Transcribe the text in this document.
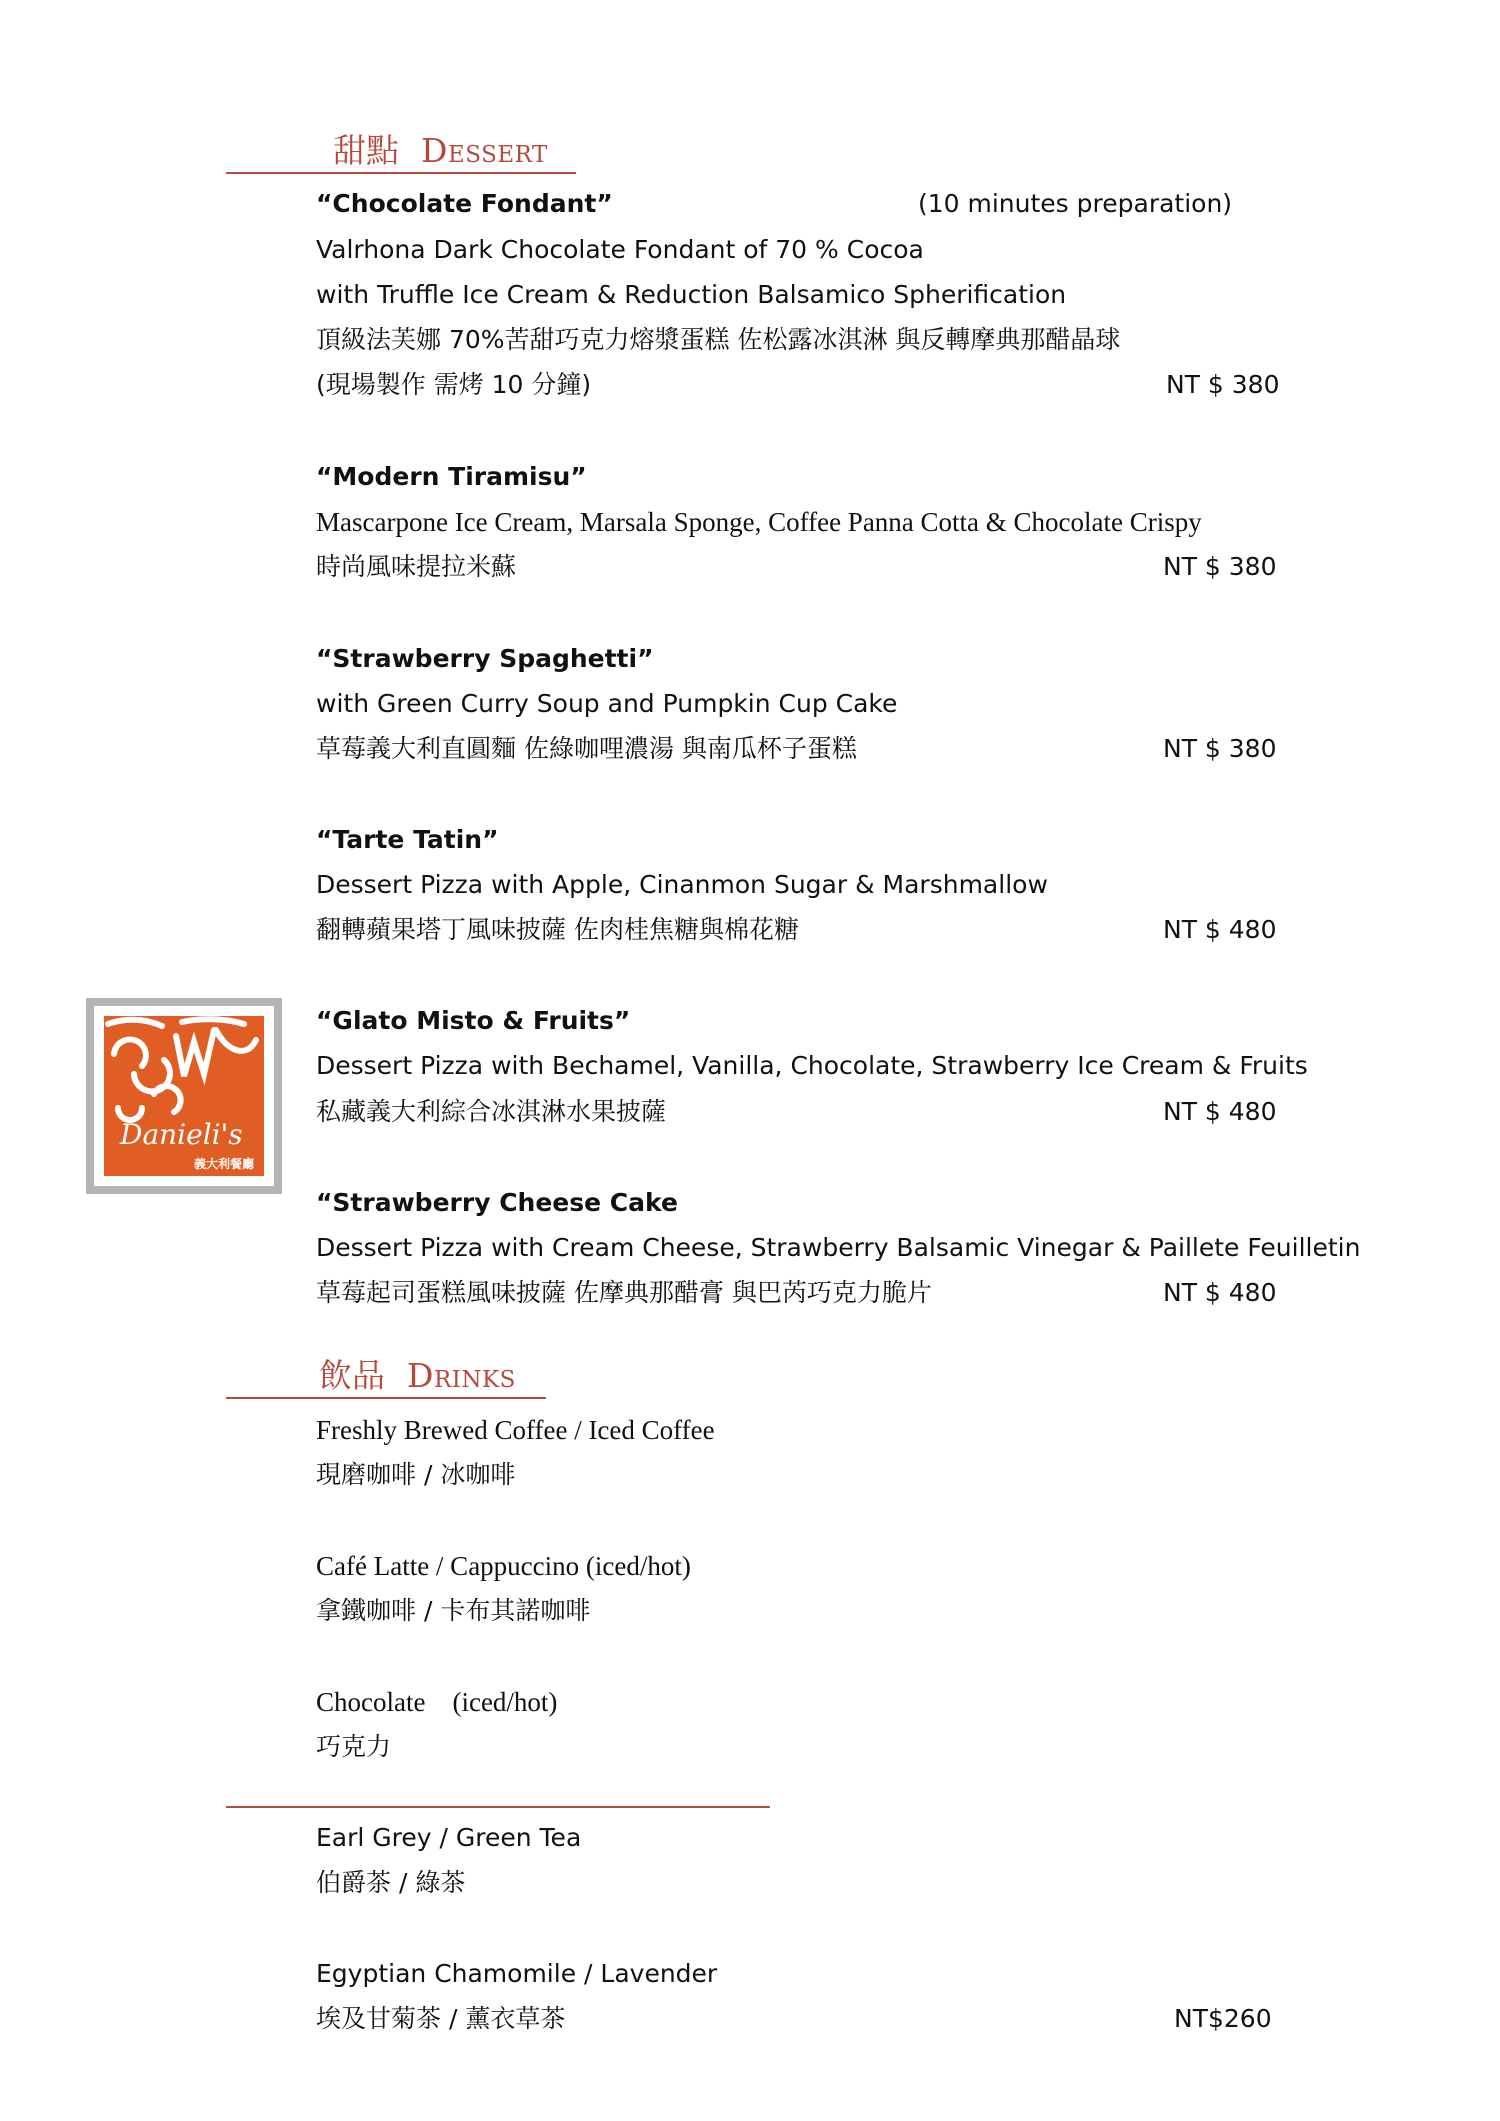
甜點 Dessert
“Chocolate Fondant”	(10 minutes preparation)
Valrhona Dark Chocolate Fondant of 70 % Cocoa
with Truffle Ice Cream & Reduction Balsamico Spherification
頂級法芙娜 70%苦甜巧克力熔漿蛋糕 佐松露冰淇淋 與反轉摩典那醋晶球
(現場製作 需烤 10 分鐘)	NT $ 380
“Modern Tiramisu”
Mascarpone Ice Cream, Marsala Sponge, Coffee Panna Cotta & Chocolate Crispy
時尚風味提拉米蘇	NT $ 380
“Strawberry Spaghetti”
with Green Curry Soup and Pumpkin Cup Cake
草莓義大利直圓麵 佐綠咖哩濃湯 與南瓜杯子蛋糕	NT $ 380
“Tarte Tatin”
Dessert Pizza with Apple, Cinanmon Sugar & Marshmallow
翻轉蘋果塔丁風味披薩 佐肉桂焦糖與棉花糖	NT $ 480
“Glato Misto & Fruits”
Dessert Pizza with Bechamel, Vanilla, Chocolate, Strawberry Ice Cream & Fruits
私藏義大利綜合冰淇淋水果披薩	NT $ 480
“Strawberry Cheese Cake
Dessert Pizza with Cream Cheese, Strawberry Balsamic Vinegar & Paillete Feuilletin
草莓起司蛋糕風味披薩 佐摩典那醋膏 與巴芮巧克力脆片	NT $ 480
Danieli's
義大利餐廳
飲品 Drinks
Freshly Brewed Coffee / Iced Coffee
現磨咖啡 / 冰咖啡
Café Latte / Cappuccino (iced/hot)
拿鐵咖啡 / 卡布其諾咖啡
Chocolate    (iced/hot)
巧克力
Earl Grey / Green Tea
伯爵茶 / 綠茶
Egyptian Chamomile / Lavender
埃及甘菊茶 / 薰衣草茶	NT$260
